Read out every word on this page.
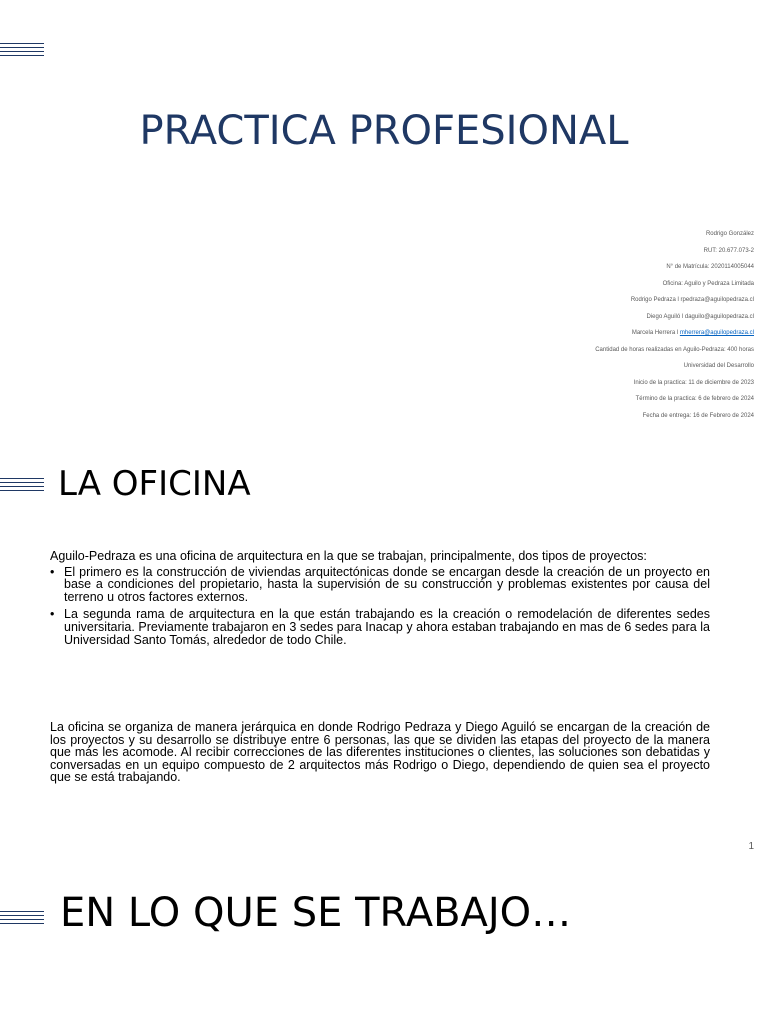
PRACTICA PROFESIONAL
Rodrigo González
RUT: 20.677.073-2
N° de Matrícula: 2020114005044
Oficina: Aguilo y Pedraza Limitada
Rodrigo Pedraza l rpedraza@aguilopedraza.cl
Diego Aguiló l daguilo@aguilopedraza.cl
Marcela Herrera l mherrera@aguilopedraza.cl
Cantidad de horas realizadas en Aguilo-Pedraza: 400 horas
Universidad del Desarrollo
Inicio de la practica: 11 de diciembre de 2023
Término de la practica: 6 de febrero de 2024
Fecha de entrega: 16 de Febrero de 2024
LA OFICINA

Aguilo-Pedraza es una oficina de arquitectura en la que se trabajan, principalmente, dos tipos de proyectos:

• El primero es la construcción de viviendas arquitectónicas donde se encargan desde la creación de un proyecto en base a condiciones del propietario, hasta la supervisión de su construcción y problemas existentes por causa del terreno u otros factores externos.
• La segunda rama de arquitectura en la que están trabajando es la creación o remodelación de diferentes sedes universitaria. Previamente trabajaron en 3 sedes para Inacap y ahora estaban trabajando en mas de 6 sedes para la Universidad Santo Tomás, alrededor de todo Chile.

La oficina se organiza de manera jerárquica en donde Rodrigo Pedraza y Diego Aguiló se encargan de la creación de los proyectos y su desarrollo se distribuye entre 6 personas, las que se dividen las etapas del proyecto de la manera que más les acomode. Al recibir correcciones de las diferentes instituciones o clientes, las soluciones son debatidas y conversadas en un equipo compuesto de 2 arquitectos más Rodrigo o Diego, dependiendo de quien sea el proyecto que se está trabajando.

1
EN LO QUE SE TRABAJO…
